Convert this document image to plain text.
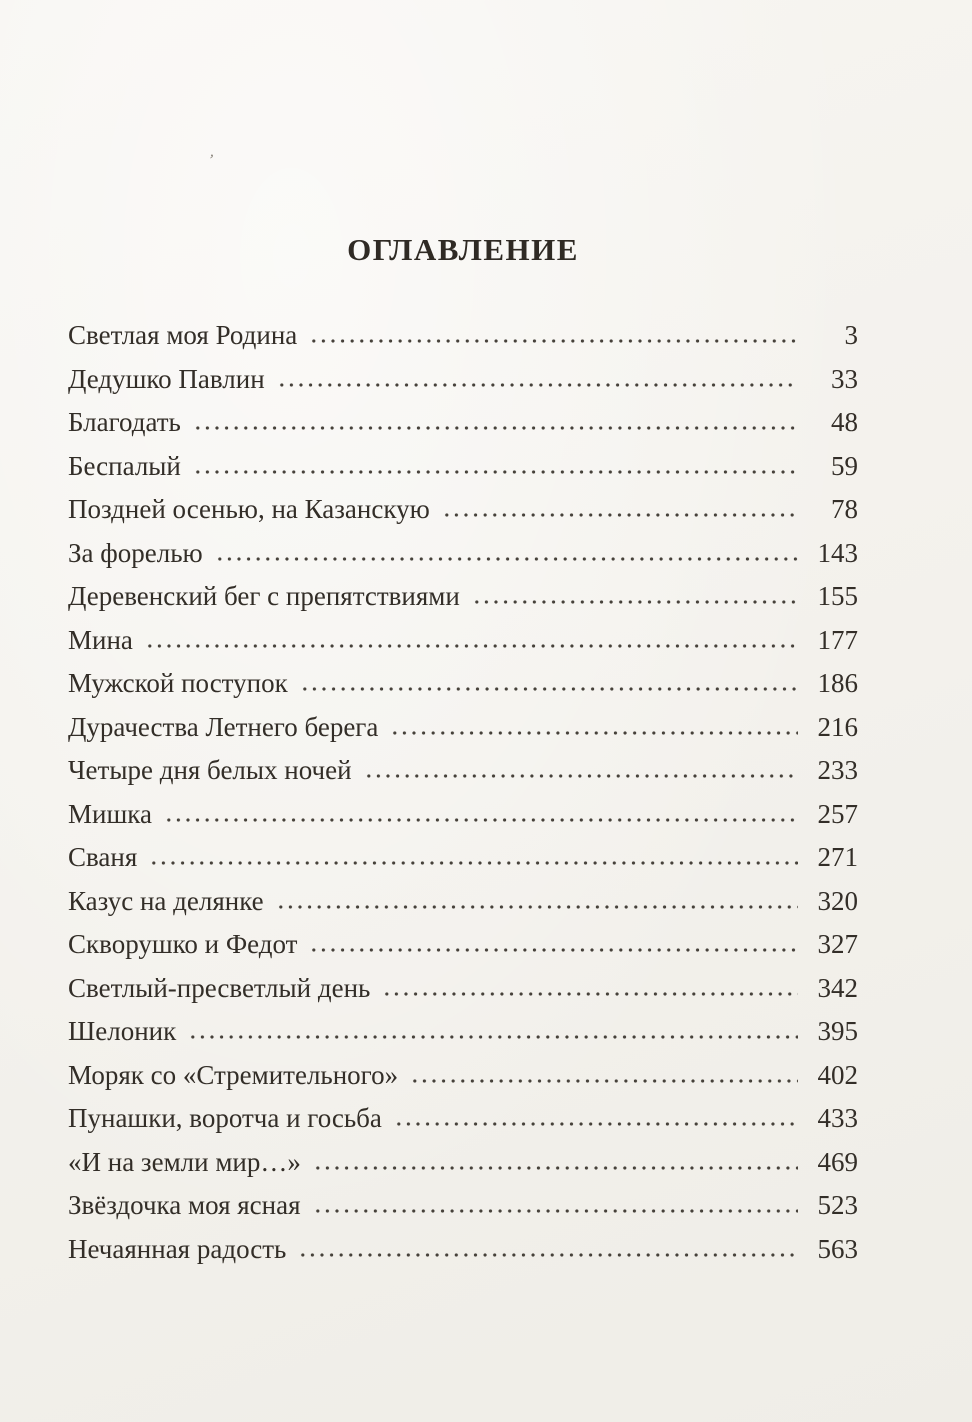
’
ОГЛАВЛЕНИЕ
Светлая моя Родина	3
Дедушко Павлин	33
Благодать	48
Беспалый	59
Поздней осенью, на Казанскую	78
За форелью	143
Деревенский бег с препятствиями	155
Мина	177
Мужской поступок	186
Дурачества Летнего берега	216
Четыре дня белых ночей	233
Мишка	257
Сваня	271
Казус на делянке	320
Скворушко и Федот	327
Светлый-пресветлый день	342
Шелоник	395
Моряк со «Стремительного»	402
Пунашки, воротча и госьба	433
«И на земли мир…»	469
Звёздочка моя ясная	523
Нечаянная радость	563
